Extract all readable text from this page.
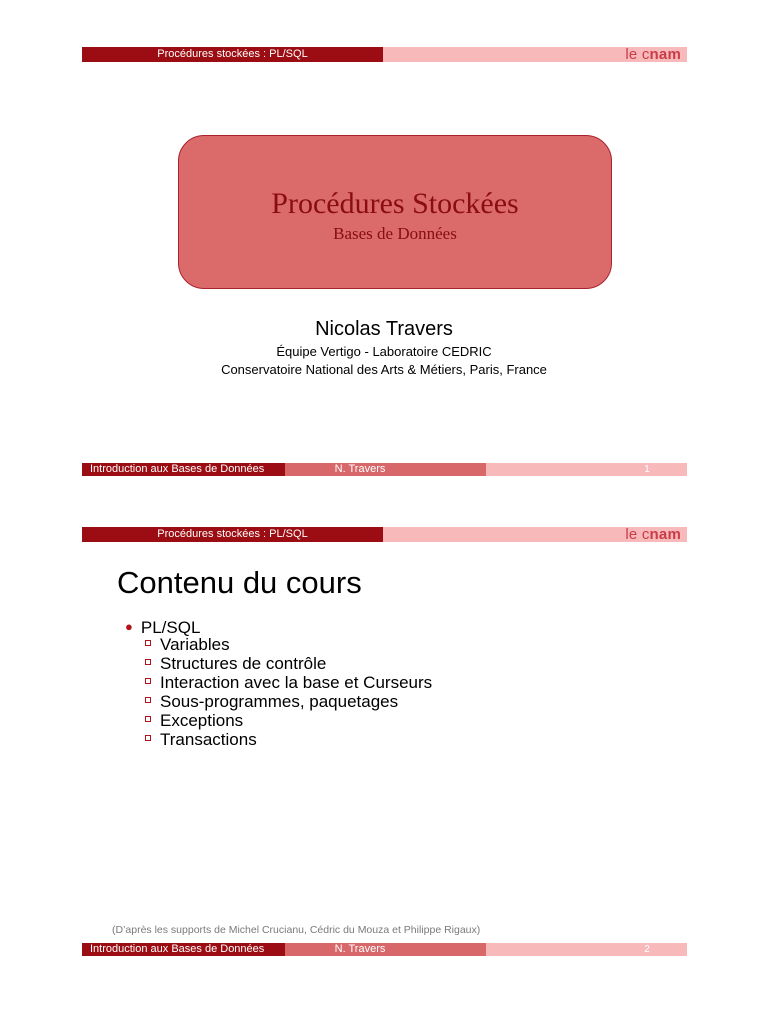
Procédures stockées : PL/SQL	le cnam
Procédures Stockées
Bases de Données
Nicolas Travers
Équipe Vertigo - Laboratoire CEDRIC
Conservatoire National des Arts & Métiers, Paris, France
Introduction aux Bases de Données	N. Travers	1
Procédures stockées : PL/SQL	le cnam
Contenu du cours
● PL/SQL
Variables
Structures de contrôle
Interaction avec la base et Curseurs
Sous-programmes, paquetages
Exceptions
Transactions
(D’après les supports de Michel Crucianu, Cédric du Mouza et Philippe Rigaux)
Introduction aux Bases de Données	N. Travers	2
